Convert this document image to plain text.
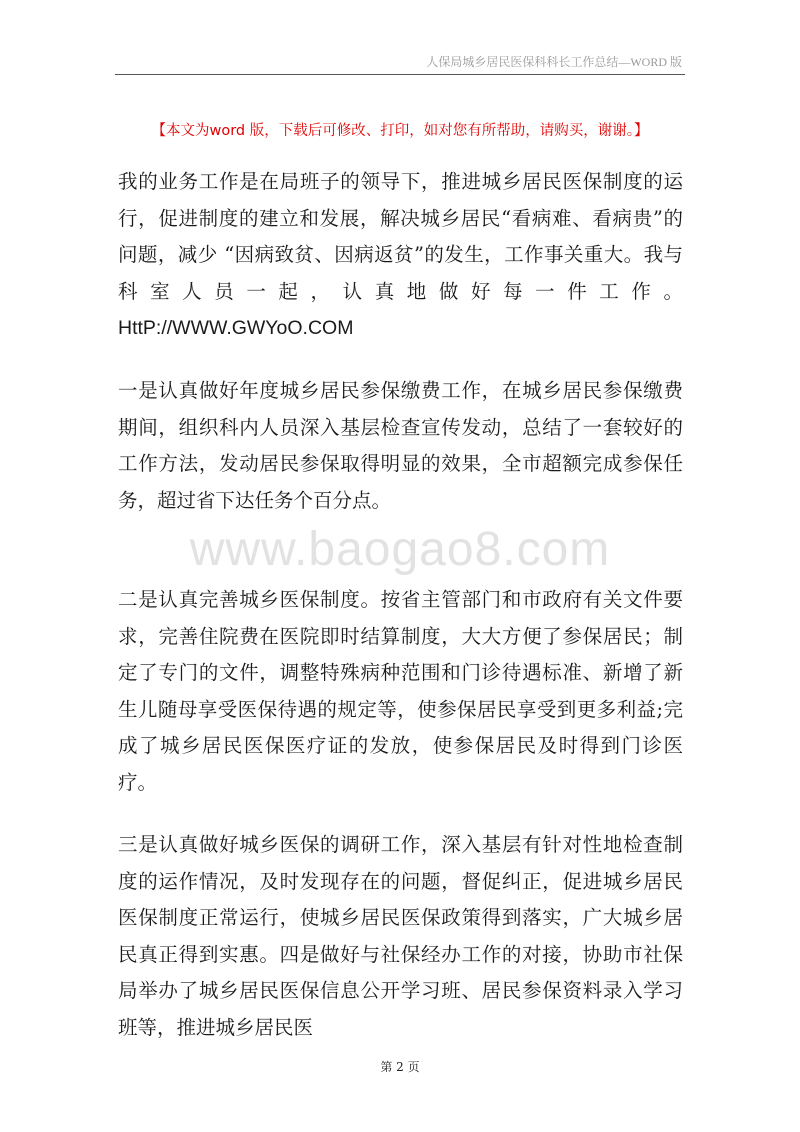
人保局城乡居民医保科科长工作总结—WORD 版
【本文为word 版，下载后可修改、打印，如对您有所帮助，请购买，谢谢。】

我的业务工作是在局班子的领导下，推进城乡居民医保制度的运行，促进制度的建立和发展，解决城乡居民“看病难、看病贵”的问题，减少 “因病致贫、因病返贫”的发生，工作事关重大。我与科室人员一起，认真地做好每一件工作。HttP://WWW.GWYoO.COM

一是认真做好年度城乡居民参保缴费工作，在城乡居民参保缴费期间，组织科内人员深入基层检查宣传发动，总结了一套较好的工作方法，发动居民参保取得明显的效果，全市超额完成参保任务，超过省下达任务个百分点。

www.baogao8.com

二是认真完善城乡医保制度。按省主管部门和市政府有关文件要求，完善住院费在医院即时结算制度，大大方便了参保居民；制定了专门的文件，调整特殊病种范围和门诊待遇标准、新增了新生儿随母享受医保待遇的规定等，使参保居民享受到更多利益;完成了城乡居民医保医疗证的发放，使参保居民及时得到门诊医疗。

三是认真做好城乡医保的调研工作，深入基层有针对性地检查制度的运作情况，及时发现存在的问题，督促纠正，促进城乡居民医保制度正常运行，使城乡居民医保政策得到落实，广大城乡居民真正得到实惠。四是做好与社保经办工作的对接，协助市社保局举办了城乡居民医保信息公开学习班、居民参保资料录入学习班等，推进城乡居民医

第 2 页
